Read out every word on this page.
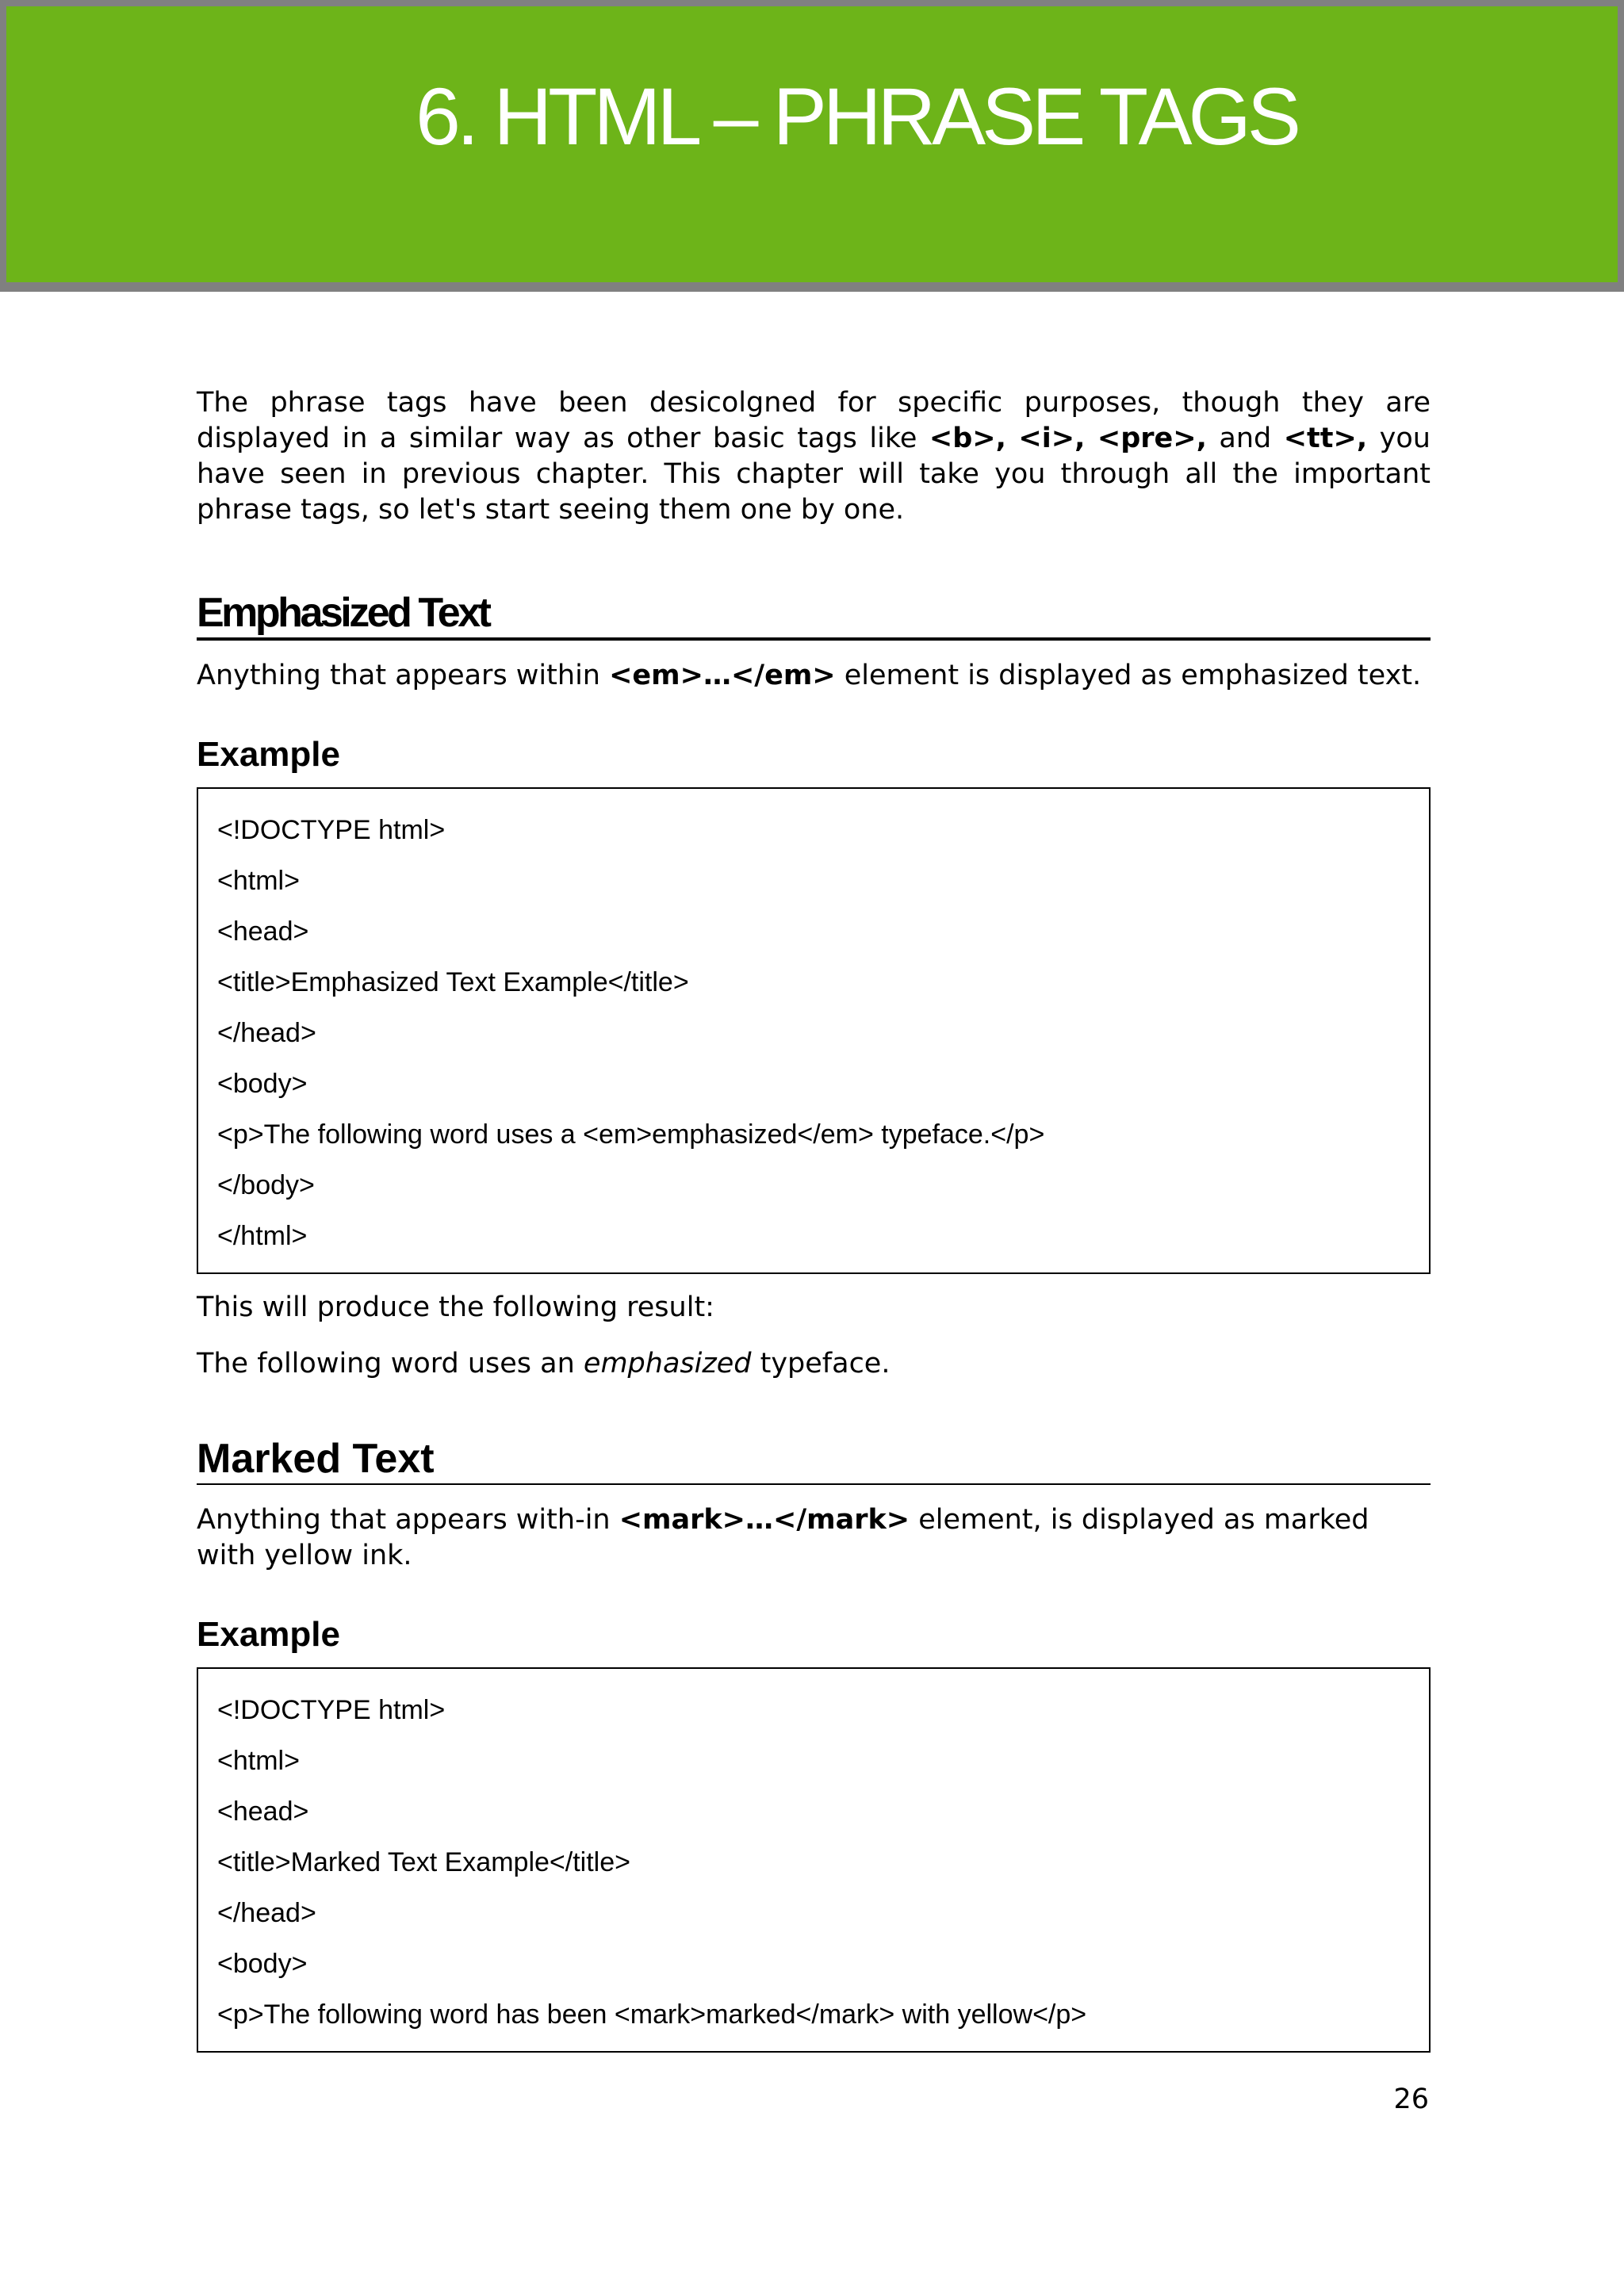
6. HTML – PHRASE TAGS

The phrase tags have been desicolgned for specific purposes, though they are displayed in a similar way as other basic tags like <b>, <i>, <pre>, and <tt>, you have seen in previous chapter. This chapter will take you through all the important phrase tags, so let's start seeing them one by one.

Emphasized Text

Anything that appears within <em>…</em> element is displayed as emphasized text.

Example
<!DOCTYPE html>
<html>
<head>
<title>Emphasized Text Example</title>
</head>
<body>
<p>The following word uses a <em>emphasized</em> typeface.</p>
</body>
</html>
This will produce the following result:
The following word uses an emphasized typeface.
Marked Text

Anything that appears with-in <mark>…</mark> element, is displayed as marked with yellow ink.

Example
<!DOCTYPE html>
<html>
<head>
<title>Marked Text Example</title>
</head>
<body>
<p>The following word has been <mark>marked</mark> with yellow</p>
26
